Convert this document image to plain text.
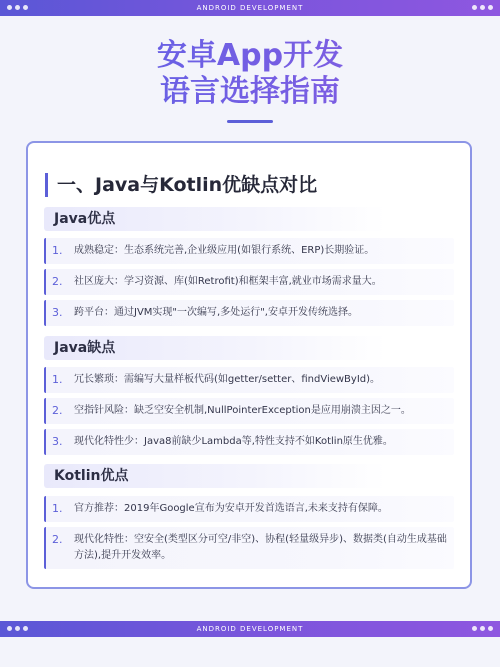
ANDROID DEVELOPMENT
安卓App开发
语言选择指南
一、Java与Kotlin优缺点对比
Java优点
1.	成熟稳定：生态系统完善,企业级应用(如银行系统、ERP)长期验证。
2.	社区庞大：学习资源、库(如Retrofit)和框架丰富,就业市场需求量大。
3.	跨平台：通过JVM实现"一次编写,多处运行",安卓开发传统选择。
Java缺点
1.	冗长繁琐：需编写大量样板代码(如getter/setter、findViewById)。
2.	空指针风险：缺乏空安全机制,NullPointerException是应用崩溃主因之一。
3.	现代化特性少：Java8前缺少Lambda等,特性支持不如Kotlin原生优雅。
Kotlin优点
1.	官方推荐：2019年Google宣布为安卓开发首选语言,未来支持有保障。
2.	现代化特性：空安全(类型区分可空/非空)、协程(轻量级异步)、数据类(自动生成基础方法),提升开发效率。
ANDROID DEVELOPMENT
